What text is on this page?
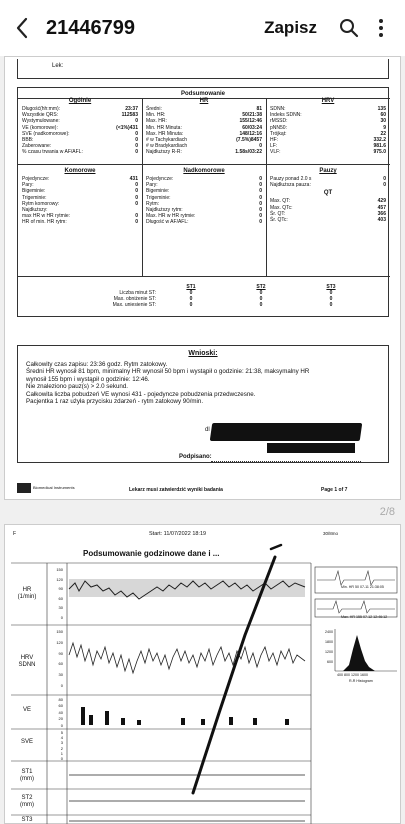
21446799	Zapisz
Lek:
Podsumowanie
Ogólnie
Długość(hh:mm):	23:37
Wszystkie QRS:	112583
Wystymulowane:	0
VE (komorowe):	(<1%)431
SVE (nadkomorowe):	0
BBB:	0
Zaberowane:	0
% czasu trwania w AF/AFL:	0
HR
Średni:	81
Min. HR:	50/21:38
Max. HR:	155/12:46
Min. HR Minuta:	60/03:24
Max. HR Minuta:	148/12:16
# w Tachykardiach	(7.5%)8457
# w Bradykardiach	0
Najdłuższy R-R:	1.58s/03:22
HRV
SDNN:	135
Indeks SDNN:	60
rMSSD:	30
pNN50:	9
Trójkąt:	22
HF:	332.2
LF:	981.6
VLF:	975.0
Komorowe
Pojedyncze:	431
Pary:	0
Bigeminie:	0
Trigeminie:	0
Rytm komorowy:	0
Najdłuższy:
max HR w HR rytmie:	0
HR of min. HR rytm:	0
Nadkomorowe
Pojedyncze:	0
Pary:	0
Bigeminie:	0
Trigeminie:	0
Rytm:	0
Najdłuższy rytm:	0
Max. HR w HR rytmie:	0
Długość w AF/AFL:	0
Pauzy
Pauzy ponad 2.0 s	0
Najdłuższa pauza:	0
QT
Max. QT:	429
Max. QTc:	457
Śr. QT:	366
Śr. QTc:	403
ST1	ST2	ST3
Liczba minut ST:	0	0	0
Max. obniżenie ST:	0	0	0
Max. uniesienie ST:	0	0	0
Wnioski:
Całkowity czas zapisu: 23:36 godz. Rytm zatokowy.
Średni HR wynosił 81 bpm, minimalny HR wynosił 50 bpm i wystąpił o godzinie: 21:38, maksymalny HR
wynosił 155 bpm i wystąpił o godzinie: 12:46.
Nie znaleziono pauz(s) > 2.0 sekund.
Całkowita liczba pobudzeń VE wynosi 431 - pojedyncze pobudzenia przedwczesne.
Pacjentka 1 raz użyła przycisku zdarzeń - rytm zatokowy 90/min.
dl
Podpisano:
Biomedical Instruments	Lekarz musi zatwierdzić wyniki badania	Page 1 of 7
2/8
F	Start: 11/07/2022 18:19	30/8mo
Podsumowanie godzinowe dane i ...
HR
(1/min)
HRV
SDNN
VE
SVE
ST1
(mm)
ST2
(mm)
ST3
150
120
90
60
30
0
150
120
90
60
30
0
80
60
40
20
0
5
4
3
2
1
0
Min. HR 50 07-11 21:38:05
Max. HR 155 07-12 12:46:12
2400
1800
1200
600
400 800 1200 1600
R-R Histogram
